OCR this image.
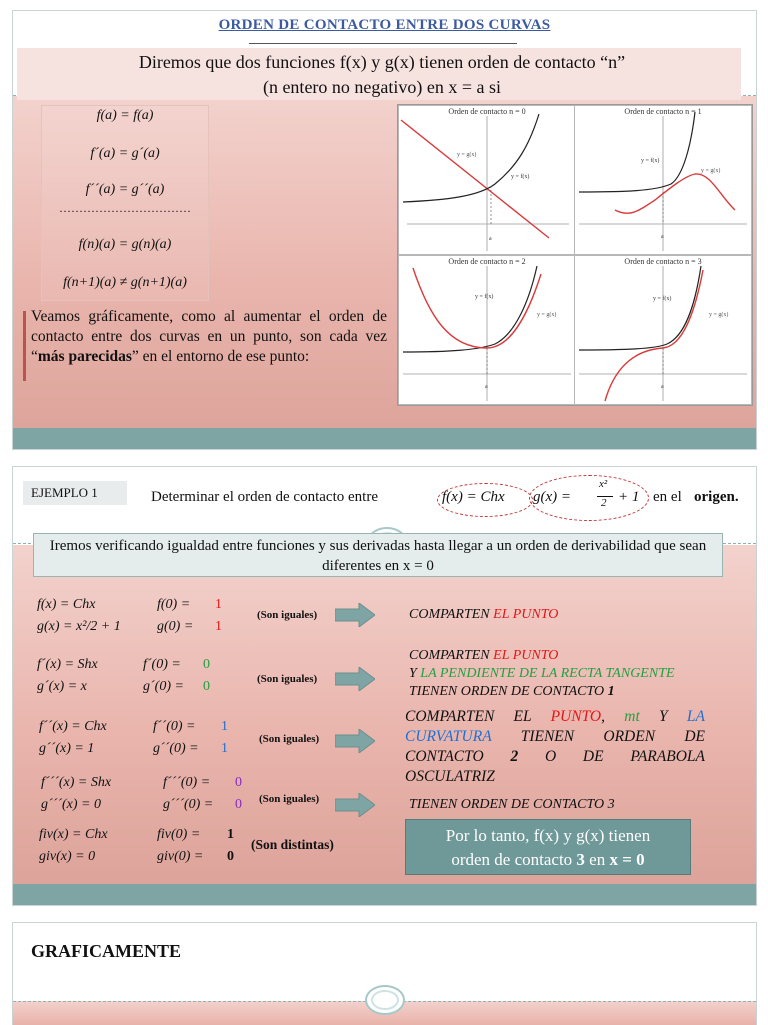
ORDEN DE CONTACTO ENTRE DOS CURVAS
Diremos que dos funciones f(x) y g(x) tienen orden de contacto “n”
(n entero no negativo) en x = a si
f(a) = f(a)
f´(a) = g´(a)
f´´(a) = g´´(a)
……………………………
f(n)(a) = g(n)(a)
f(n+1)(a) ≠ g(n+1)(a)
Veamos gráficamente, como al aumentar el orden de contacto entre dos curvas en un punto, son cada vez “más parecidas” en el entorno de ese punto:
Orden de contacto n = 0
y = g(x)
y = f(x)
a
Orden de contacto n = 1
y = f(x)
y = g(x)
a
Orden de contacto n = 2
y = f(x)
y = g(x)
a
Orden de contacto n = 3
y = f(x)
y = g(x)
a
EJEMPLO 1	Determinar el orden de contacto entre	f(x) = Chx g(x) =
x²
2 + 1 en el origen.
Iremos verificando igualdad entre funciones y sus derivadas hasta llegar a un orden de derivabilidad que sean diferentes en x = 0
f(x) = Chx	f(0) = 1
g(x) = x²/2 + 1	g(0) = 1
(Son iguales)	COMPARTEN EL PUNTO
f´(x) = Shx	f´(0) = 0
g´(x) = x	g´(0) = 0	(Son iguales)
COMPARTEN EL PUNTO
Y LA PENDIENTE DE LA RECTA TANGENTE
TIENEN ORDEN DE CONTACTO 1
f´´(x) = Chx	f´´(0) = 1
g´´(x) = 1	g´´(0) = 1
(Son iguales)
COMPARTEN EL PUNTO, mt Y LA CURVATURA TIENEN ORDEN DE CONTACTO 2 O DE PARABOLA OSCULATRIZ
f´´´(x) = Shx	f´´´(0) = 0
g´´´(x) = 0	g´´´(0) = 0 (Son iguales)	TIENEN ORDEN DE CONTACTO 3
fiv(x) = Chx	fiv(0) = 1
giv(x) = 0	giv(0) = 0
(Son distintas)	Por lo tanto, f(x) y g(x) tienen
orden de contacto 3 en x = 0
GRAFICAMENTE
